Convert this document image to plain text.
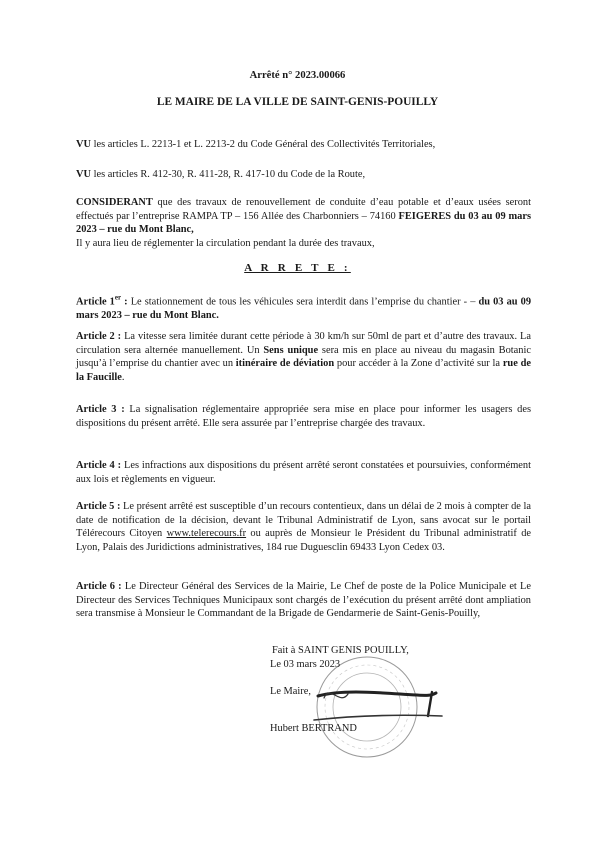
Arrêté n° 2023.00066
LE MAIRE DE LA VILLE DE SAINT-GENIS-POUILLY
VU les articles L. 2213-1 et L. 2213-2 du Code Général des Collectivités Territoriales,
VU les articles R. 412-30, R. 411-28, R. 417-10 du Code de la Route,
CONSIDERANT que des travaux de renouvellement de conduite d’eau potable et d’eaux usées seront effectués par l’entreprise RAMPA TP – 156 Allée des Charbonniers – 74160 FEIGERES du 03 au 09 mars 2023 – rue du Mont Blanc,
Il y aura lieu de réglementer la circulation pendant la durée des travaux,
A R R E T E :
Article 1er : Le stationnement de tous les véhicules sera interdit dans l’emprise du chantier - – du 03 au 09 mars 2023 – rue du Mont Blanc.
Article 2 : La vitesse sera limitée durant cette période à 30 km/h sur 50ml de part et d’autre des travaux. La circulation sera alternée manuellement. Un Sens unique sera mis en place au niveau du magasin Botanic jusqu’à l’emprise du chantier avec un itinéraire de déviation pour accéder à la Zone d’activité sur la rue de la Faucille.
Article 3 : La signalisation réglementaire appropriée sera mise en place pour informer les usagers des dispositions du présent arrêté. Elle sera assurée par l’entreprise chargée des travaux.
Article 4 : Les infractions aux dispositions du présent arrêté seront constatées et poursuivies, conformément aux lois et règlements en vigueur.
Article 5 : Le présent arrêté est susceptible d’un recours contentieux, dans un délai de 2 mois à compter de la date de notification de la décision, devant le Tribunal Administratif de Lyon, sans avocat sur le portail Télérecours Citoyen www.telerecours.fr ou auprès de Monsieur le Président du Tribunal administratif de Lyon, Palais des Juridictions administratives, 184 rue Duguesclin 69433 Lyon Cedex 03.
Article 6 : Le Directeur Général des Services de la Mairie, Le Chef de poste de la Police Municipale et Le Directeur des Services Techniques Municipaux sont chargés de l’exécution du présent arrêté dont ampliation sera transmise à Monsieur le Commandant de la Brigade de Gendarmerie de Saint-Genis-Pouilly,
Fait à SAINT GENIS POUILLY,
Le 03 mars 2023
Le Maire,
Hubert BERTRAND
